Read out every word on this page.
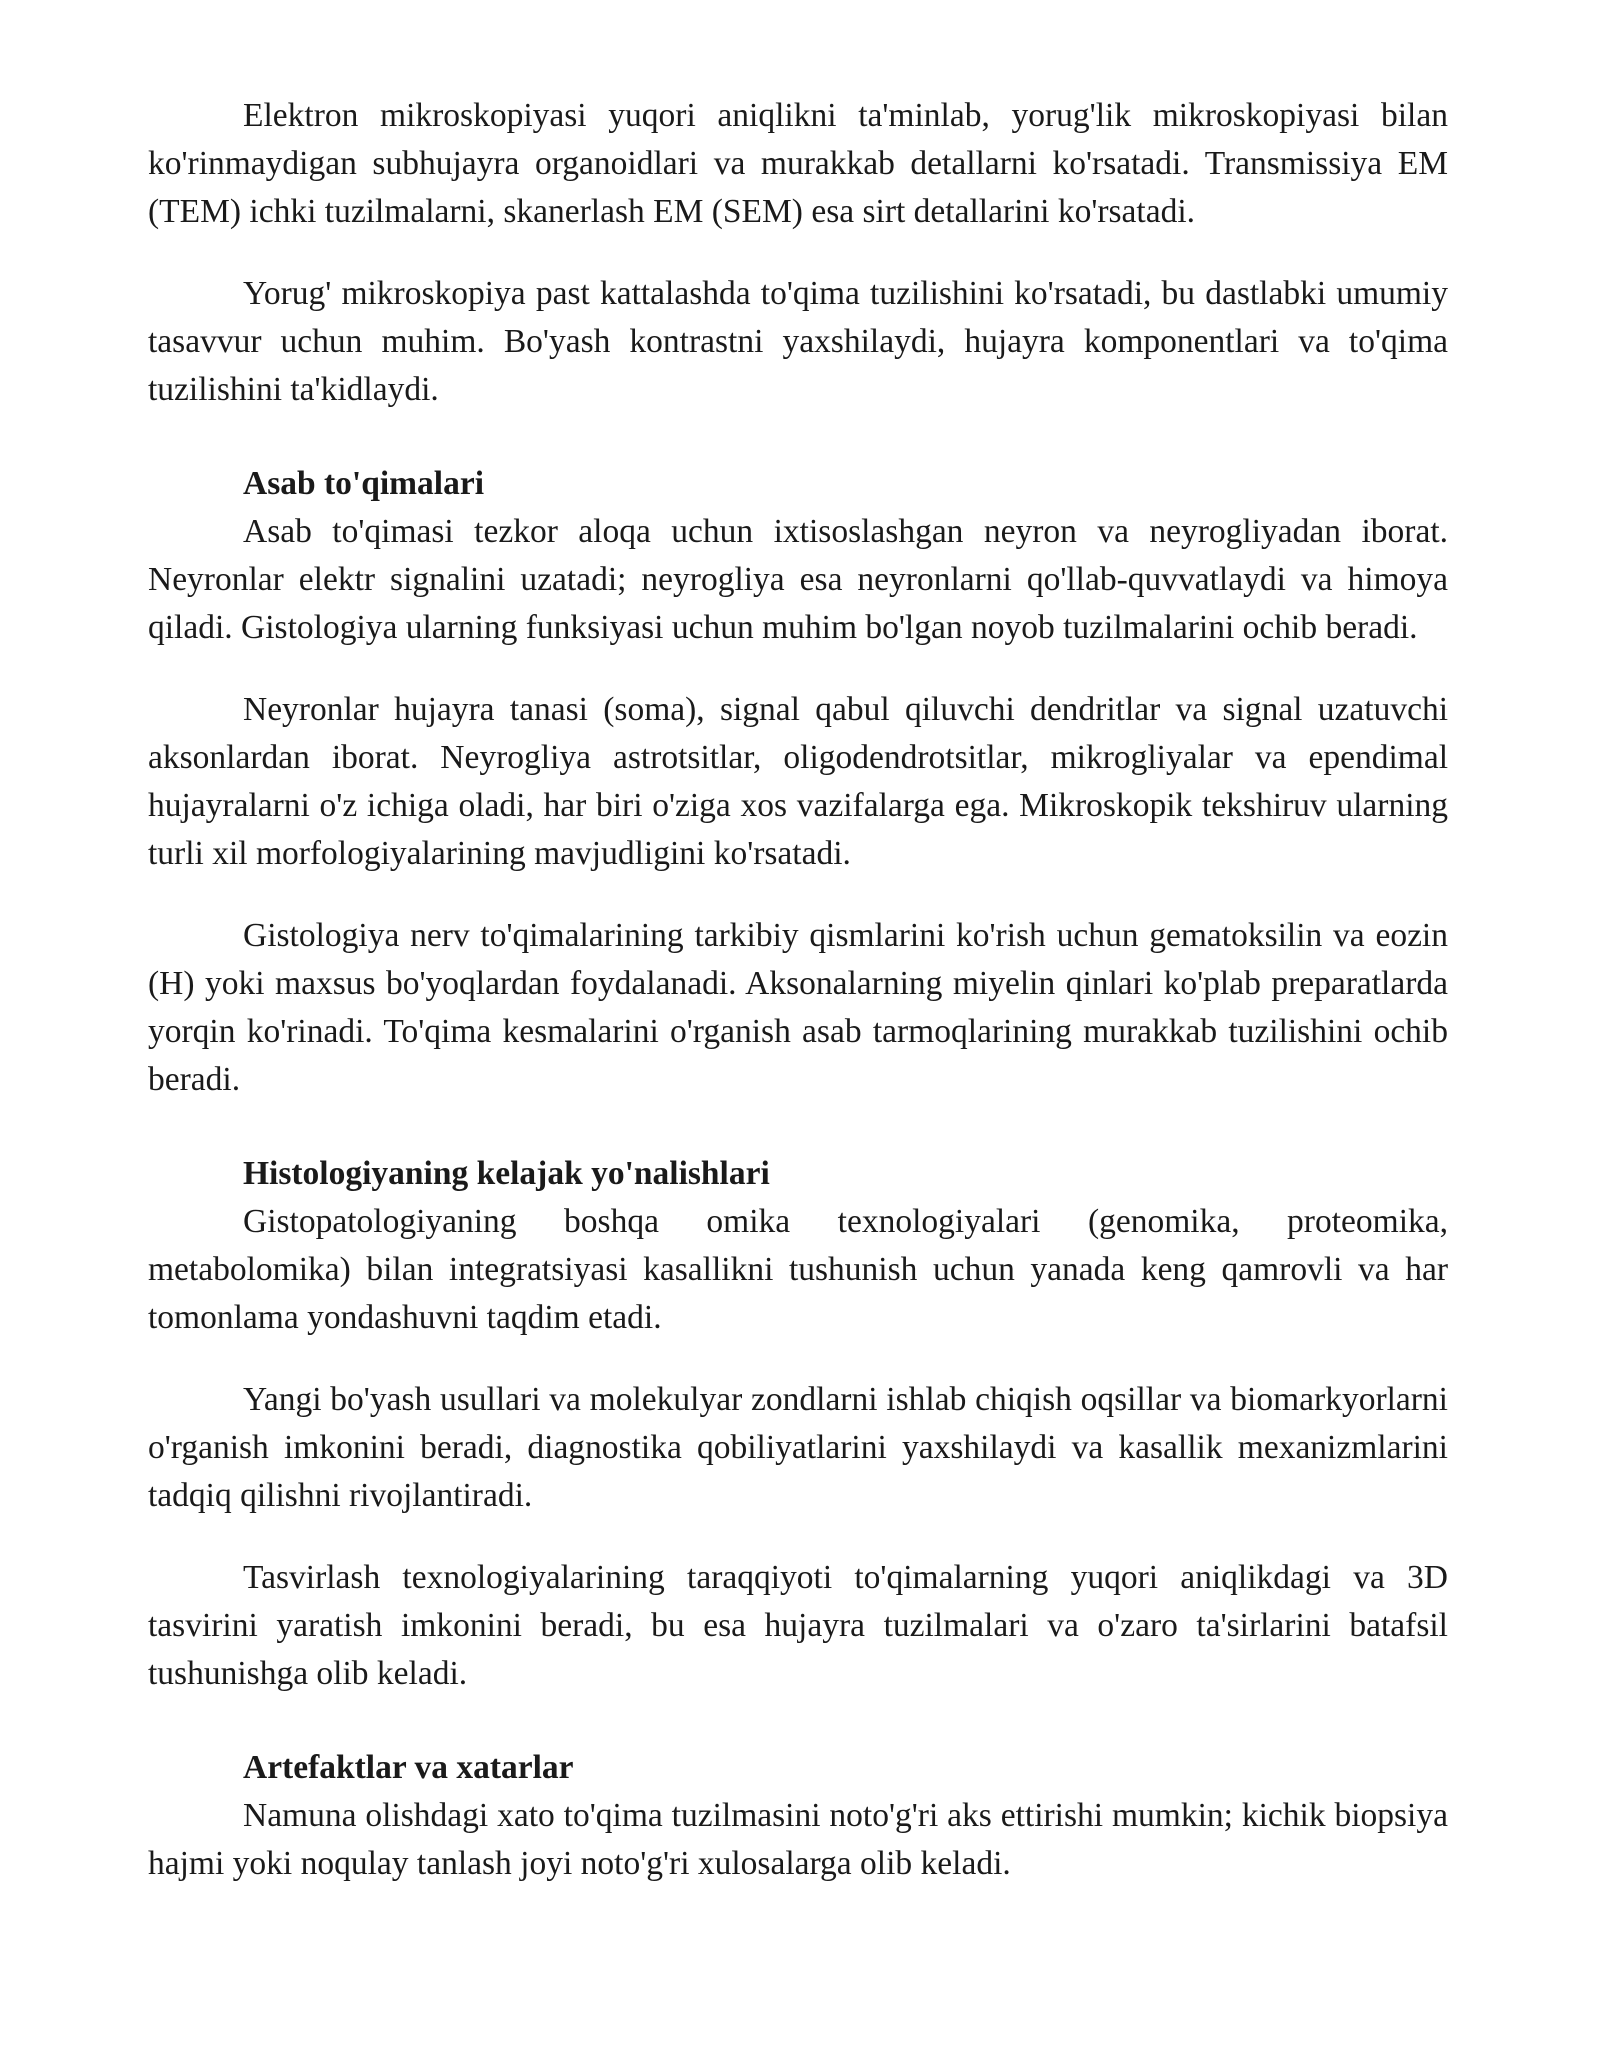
Elektron mikroskopiyasi yuqori aniqlikni ta'minlab, yorug'lik mikroskopiyasi bilan ko'rinmaydigan subhujayra organoidlari va murakkab detallarni ko'rsatadi. Transmissiya EM (TEM) ichki tuzilmalarni, skanerlash EM (SEM) esa sirt detallarini ko'rsatadi.

Yorug' mikroskopiya past kattalashda to'qima tuzilishini ko'rsatadi, bu dastlabki umumiy tasavvur uchun muhim. Bo'yash kontrastni yaxshilaydi, hujayra komponentlari va to'qima tuzilishini ta'kidlaydi.

Asab to'qimalari

Asab to'qimasi tezkor aloqa uchun ixtisoslashgan neyron va neyrogliyadan iborat. Neyronlar elektr signalini uzatadi; neyrogliya esa neyronlarni qo'llab-quvvatlaydi va himoya qiladi. Gistologiya ularning funksiyasi uchun muhim bo'lgan noyob tuzilmalarini ochib beradi.

Neyronlar hujayra tanasi (soma), signal qabul qiluvchi dendritlar va signal uzatuvchi aksonlardan iborat. Neyrogliya astrotsitlar, oligodendrotsitlar, mikrogliyalar va ependimal hujayralarni o'z ichiga oladi, har biri o'ziga xos vazifalarga ega. Mikroskopik tekshiruv ularning turli xil morfologiyalarining mavjudligini ko'rsatadi.

Gistologiya nerv to'qimalarining tarkibiy qismlarini ko'rish uchun gematoksilin va eozin (H) yoki maxsus bo'yoqlardan foydalanadi. Aksonalarning miyelin qinlari ko'plab preparatlarda yorqin ko'rinadi. To'qima kesmalarini o'rganish asab tarmoqlarining murakkab tuzilishini ochib beradi.

Histologiyaning kelajak yo'nalishlari

Gistopatologiyaning boshqa omika texnologiyalari (genomika, proteomika, metabolomika) bilan integratsiyasi kasallikni tushunish uchun yanada keng qamrovli va har tomonlama yondashuvni taqdim etadi.

Yangi bo'yash usullari va molekulyar zondlarni ishlab chiqish oqsillar va biomarkyorlarni o'rganish imkonini beradi, diagnostika qobiliyatlarini yaxshilaydi va kasallik mexanizmlarini tadqiq qilishni rivojlantiradi.

Tasvirlash texnologiyalarining taraqqiyoti to'qimalarning yuqori aniqlikdagi va 3D tasvirini yaratish imkonini beradi, bu esa hujayra tuzilmalari va o'zaro ta'sirlarini batafsil tushunishga olib keladi.

Artefaktlar va xatarlar

Namuna olishdagi xato to'qima tuzilmasini noto'g'ri aks ettirishi mumkin; kichik biopsiya hajmi yoki noqulay tanlash joyi noto'g'ri xulosalarga olib keladi.
